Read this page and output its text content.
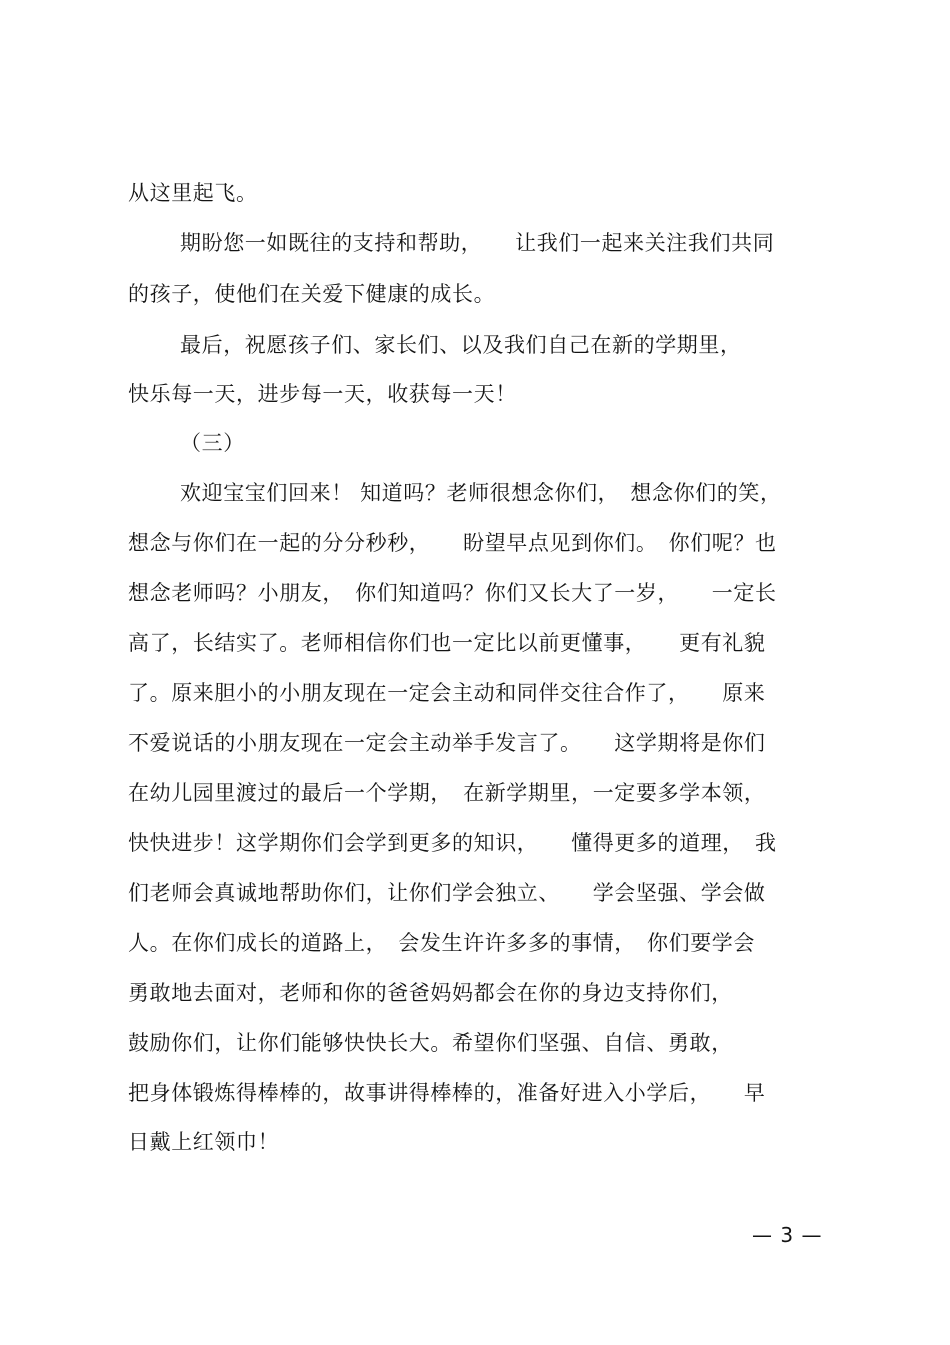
从这里起飞。
期盼您一如既往的支持和帮助，　　让我们一起来关注我们共同
的孩子，使他们在关爱下健康的成长。
最后，祝愿孩子们、家长们、以及我们自己在新的学期里，
快乐每一天，进步每一天，收获每一天！
（三）
欢迎宝宝们回来！ 知道吗？老师很想念你们，　想念你们的笑，
想念与你们在一起的分分秒秒，　　盼望早点见到你们。　你们呢？也
想念老师吗？小朋友，　你们知道吗？你们又长大了一岁，　　一定长
高了，长结实了。老师相信你们也一定比以前更懂事，　　更有礼貌
了。原来胆小的小朋友现在一定会主动和同伴交往合作了，　　原来
不爱说话的小朋友现在一定会主动举手发言了。　　这学期将是你们
在幼儿园里渡过的最后一个学期，　在新学期里，一定要多学本领，
快快进步！这学期你们会学到更多的知识，　　懂得更多的道理，　我
们老师会真诚地帮助你们，让你们学会独立、　　学会坚强、学会做
人。在你们成长的道路上，　会发生许许多多的事情，　你们要学会
勇敢地去面对，老师和你的爸爸妈妈都会在你的身边支持你们，
鼓励你们，让你们能够快快长大。希望你们坚强、自信、勇敢，
把身体锻炼得棒棒的，故事讲得棒棒的，准备好进入小学后，　　早
日戴上红领巾！
— 3 —
